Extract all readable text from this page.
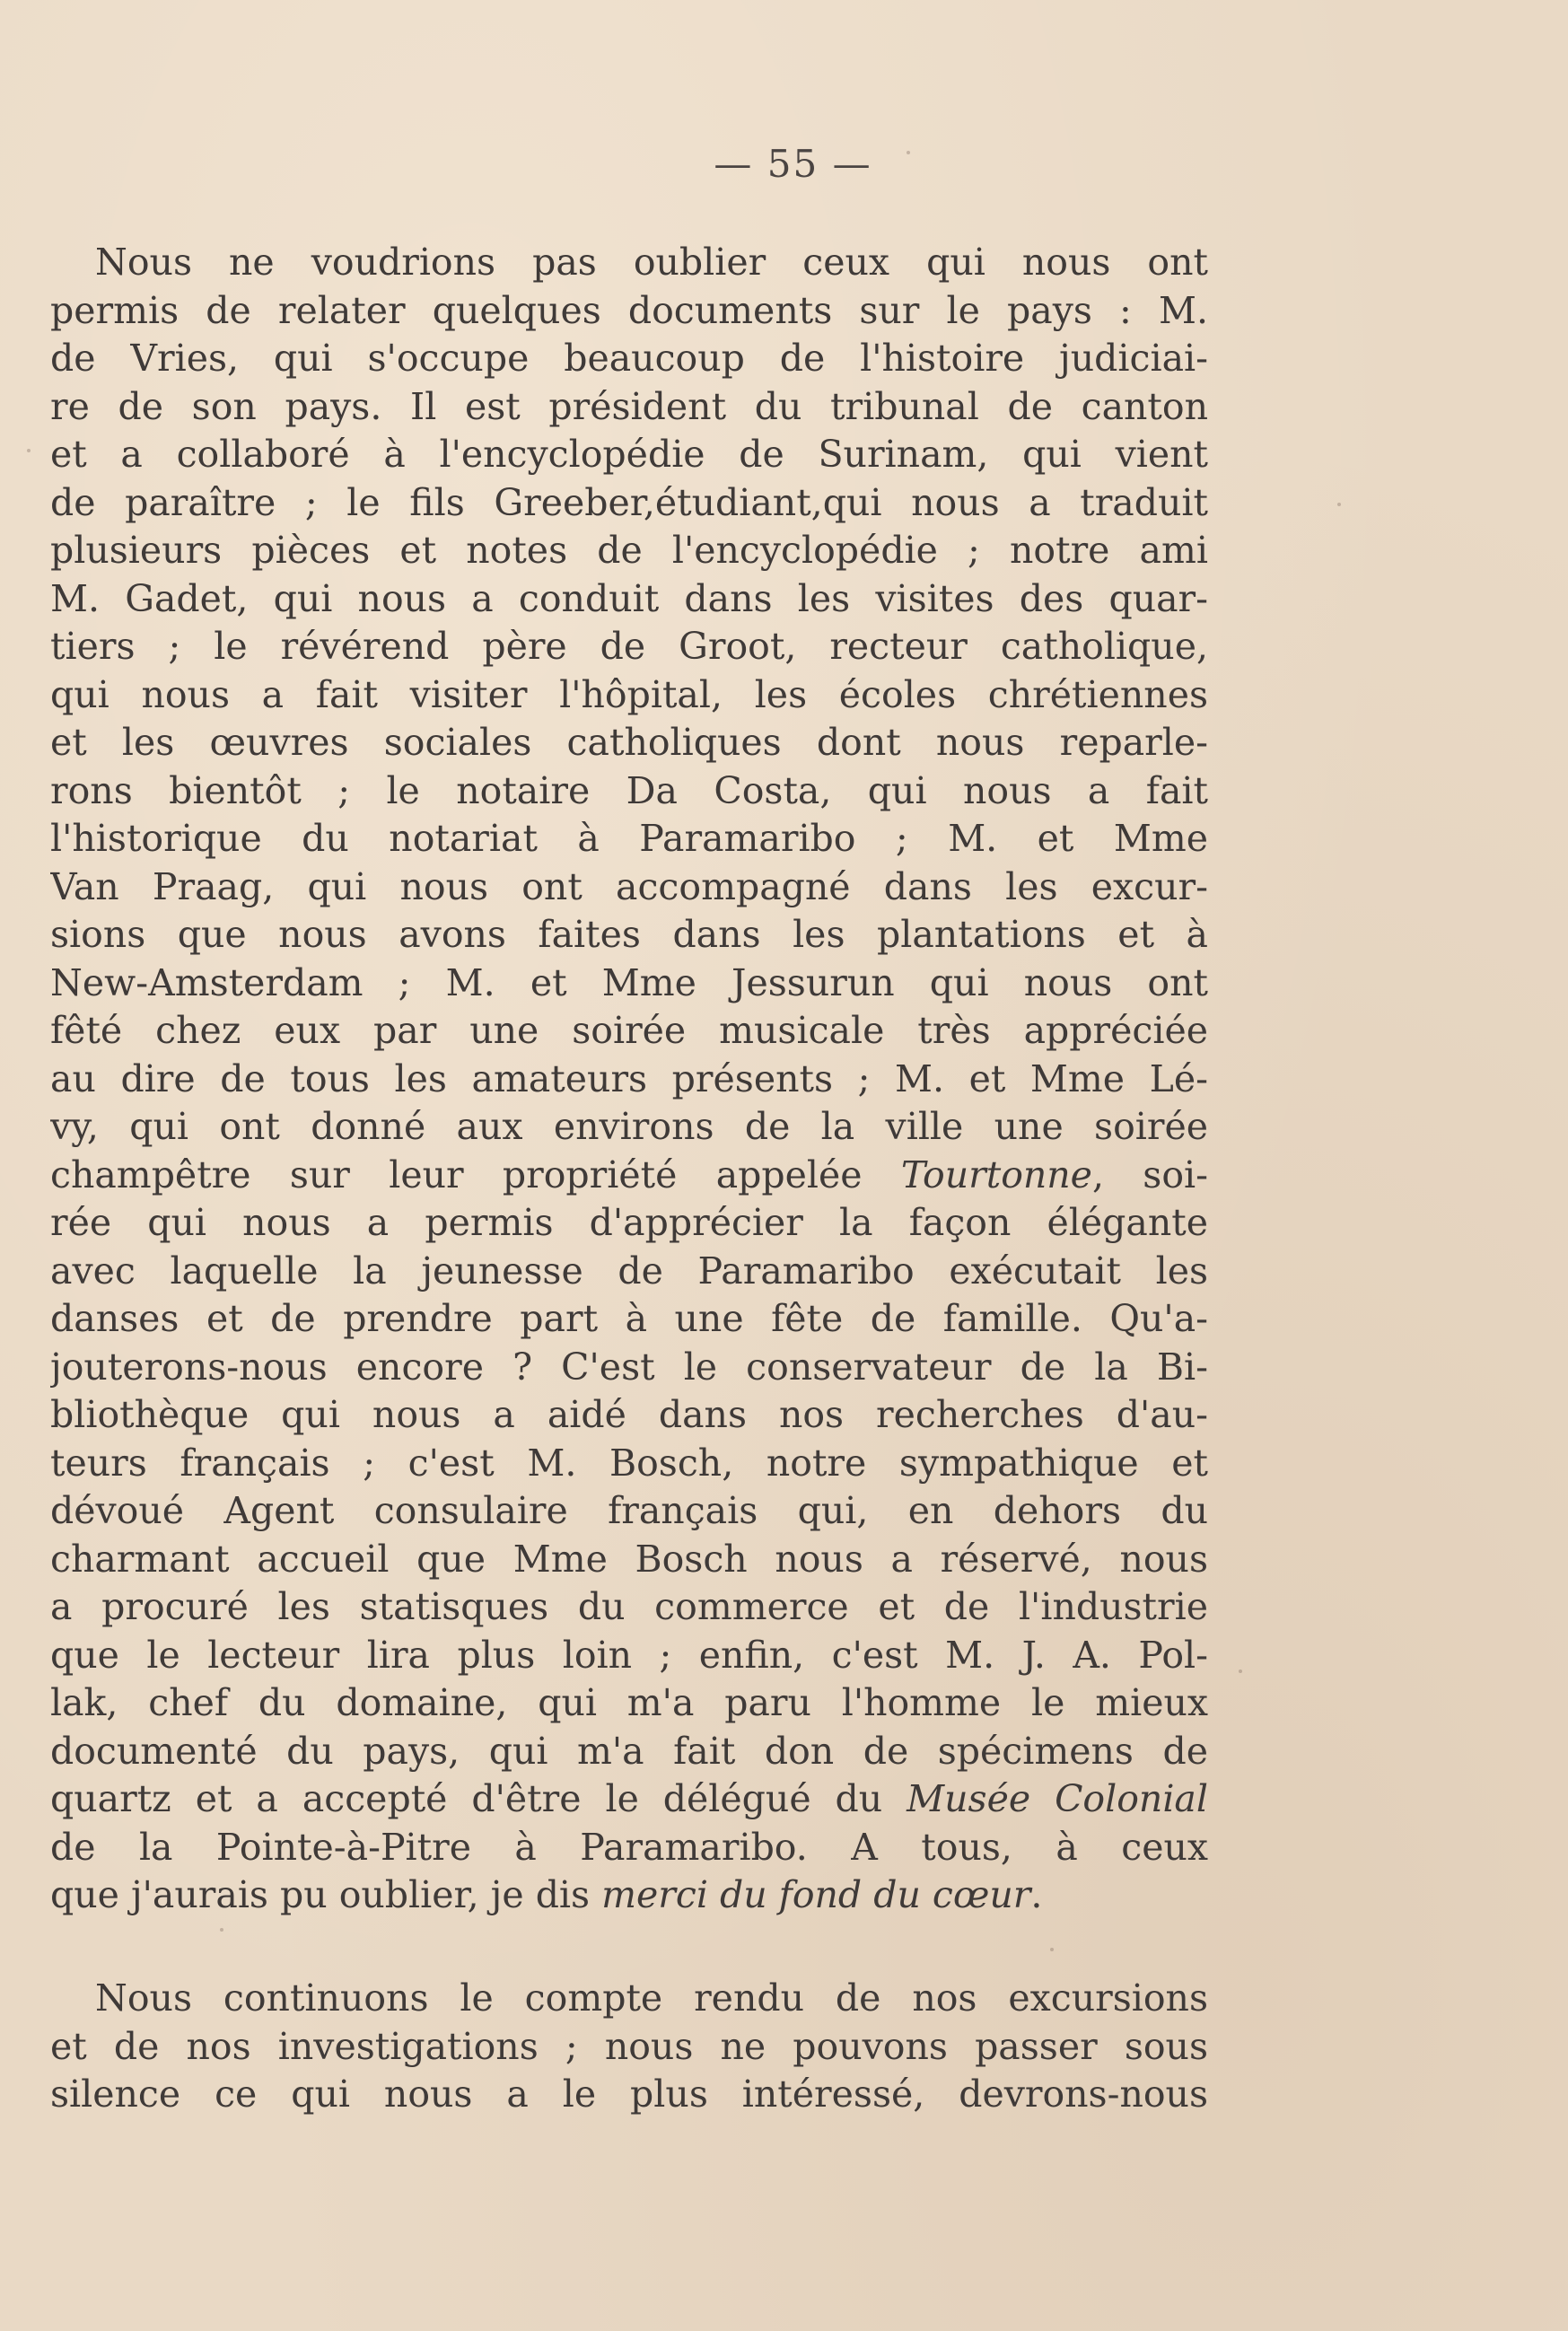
— 55 —
Nous ne voudrions pas oublier ceux qui nous ont
permis de relater quelques documents sur le pays : M.
de Vries, qui s'occupe beaucoup de l'histoire judiciai-
re de son pays. Il est président du tribunal de canton
et a collaboré à l'encyclopédie de Surinam, qui vient
de paraître ; le fils Greeber,étudiant,qui nous a traduit
plusieurs pièces et notes de l'encyclopédie ; notre ami
M. Gadet, qui nous a conduit dans les visites des quar-
tiers ; le révérend père de Groot, recteur catholique,
qui nous a fait visiter l'hôpital, les écoles chrétiennes
et les œuvres sociales catholiques dont nous reparle-
rons bientôt ; le notaire Da Costa, qui nous a fait
l'historique du notariat à Paramaribo ; M. et Mme
Van Praag, qui nous ont accompagné dans les excur-
sions que nous avons faites dans les plantations et à
New-Amsterdam ; M. et Mme Jessurun qui nous ont
fêté chez eux par une soirée musicale très appréciée
au dire de tous les amateurs présents ; M. et Mme Lé-
vy, qui ont donné aux environs de la ville une soirée
champêtre sur leur propriété appelée Tourtonne, soi-
rée qui nous a permis d'apprécier la façon élégante
avec laquelle la jeunesse de Paramaribo exécutait les
danses et de prendre part à une fête de famille. Qu'a-
jouterons-nous encore ? C'est le conservateur de la Bi-
bliothèque qui nous a aidé dans nos recherches d'au-
teurs français ; c'est M. Bosch, notre sympathique et
dévoué Agent consulaire français qui, en dehors du
charmant accueil que Mme Bosch nous a réservé, nous
a procuré les statisques du commerce et de l'industrie
que le lecteur lira plus loin ; enfin, c'est M. J. A. Pol-
lak, chef du domaine, qui m'a paru l'homme le mieux
documenté du pays, qui m'a fait don de spécimens de
quartz et a accepté d'être le délégué du Musée Colonial
de la Pointe-à-Pitre à Paramaribo. A tous, à ceux
que j'aurais pu oublier, je dis merci du fond du cœur.
Nous continuons le compte rendu de nos excursions
et de nos investigations ; nous ne pouvons passer sous
silence ce qui nous a le plus intéressé, devrons-nous
